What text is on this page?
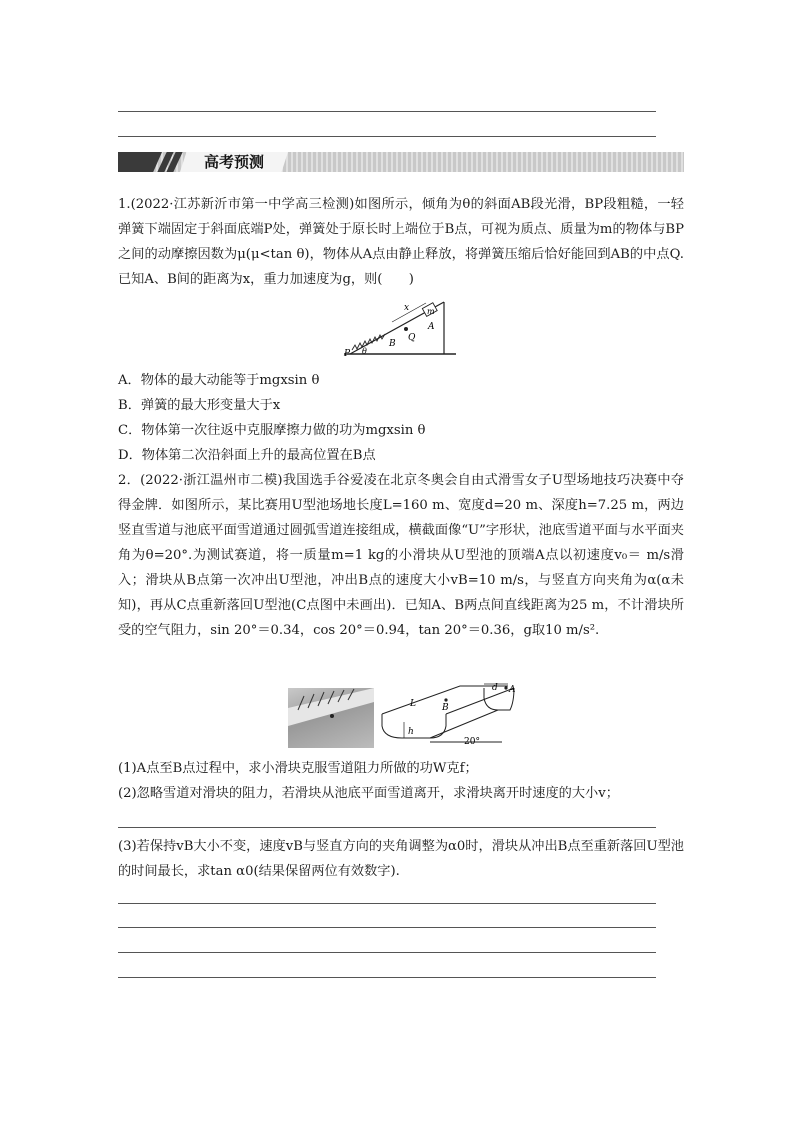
高考预测
1.(2022·江苏新沂市第一中学高三检测)如图所示，倾角为θ的斜面AB段光滑，BP段粗糙，一轻弹簧下端固定于斜面底端P处，弹簧处于原长时上端位于B点，可视为质点、质量为m的物体与BP之间的动摩擦因数为μ(μ<tan θ)，物体从A点由静止释放，将弹簧压缩后恰好能回到AB的中点Q.已知A、B间的距离为x，重力加速度为g，则(　　)
x m
A
Q
B
P θ
A．物体的最大动能等于mgxsin θ
B．弹簧的最大形变量大于x
C．物体第一次往返中克服摩擦力做的功为mgxsin θ
D．物体第二次沿斜面上升的最高位置在B点
2．(2022·浙江温州市二模)我国选手谷爱凌在北京冬奥会自由式滑雪女子U型场地技巧决赛中夺得金牌．如图所示，某比赛用U型池场地长度L=160 m、宽度d=20 m、深度h=7.25 m，两边竖直雪道与池底平面雪道通过圆弧雪道连接组成，横截面像“U”字形状，池底雪道平面与水平面夹角为θ=20°.为测试赛道，将一质量m=1 kg的小滑块从U型池的顶端A点以初速度v₀＝ m/s滑入；滑块从B点第一次冲出U型池，冲出B点的速度大小vB=10 m/s，与竖直方向夹角为α(α未知)，再从C点重新落回U型池(C点图中未画出)．已知A、B两点间直线距离为25 m，不计滑块所受的空气阻力，sin 20°＝0.34，cos 20°＝0.94，tan 20°＝0.36，g取10 m/s².
d A
L	B
h
20°
(1)A点至B点过程中，求小滑块克服雪道阻力所做的功W克f；
(2)忽略雪道对滑块的阻力，若滑块从池底平面雪道离开，求滑块离开时速度的大小v；
(3)若保持vB大小不变，速度vB与竖直方向的夹角调整为α0时，滑块从冲出B点至重新落回U型池的时间最长，求tan α0(结果保留两位有效数字).
